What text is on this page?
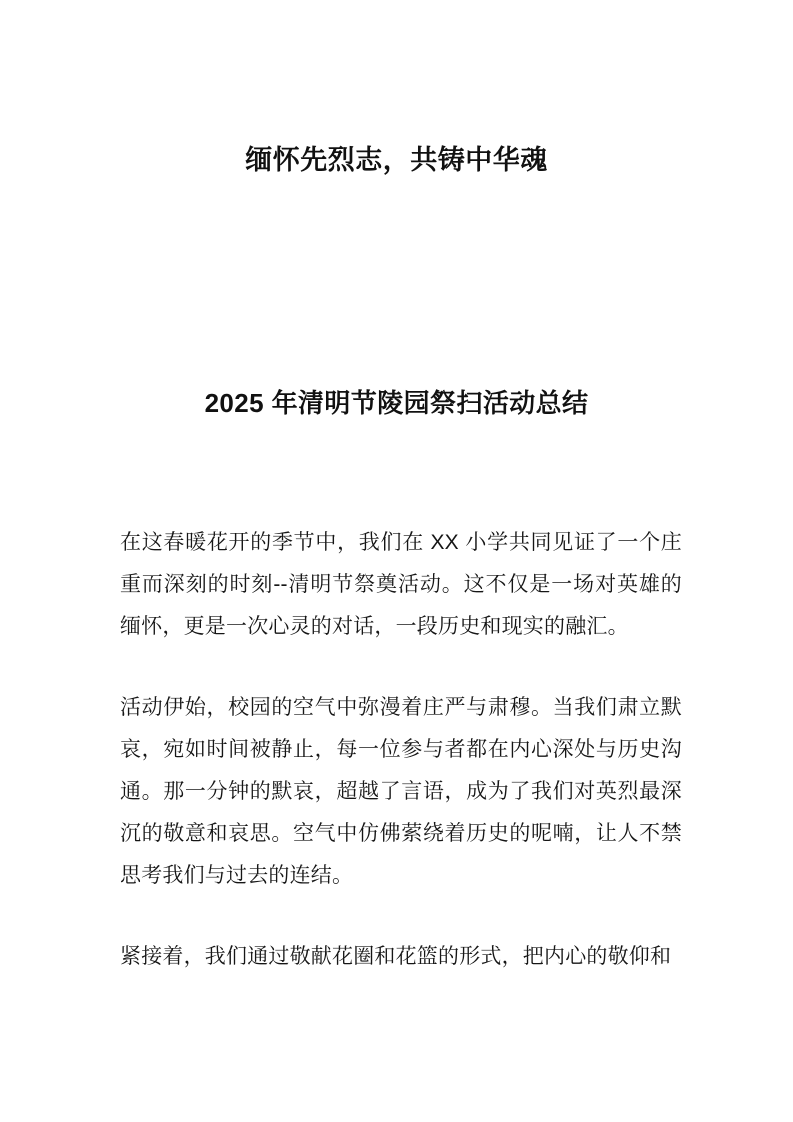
缅怀先烈志，共铸中华魂
2025 年清明节陵园祭扫活动总结

在这春暖花开的季节中，我们在 XX 小学共同见证了一个庄重而深刻的时刻--清明节祭奠活动。这不仅是一场对英雄的缅怀，更是一次心灵的对话，一段历史和现实的融汇。

活动伊始，校园的空气中弥漫着庄严与肃穆。当我们肃立默哀，宛如时间被静止，每一位参与者都在内心深处与历史沟通。那一分钟的默哀，超越了言语，成为了我们对英烈最深沉的敬意和哀思。空气中仿佛萦绕着历史的呢喃，让人不禁思考我们与过去的连结。

紧接着，我们通过敬献花圈和花篮的形式，把内心的敬仰和
